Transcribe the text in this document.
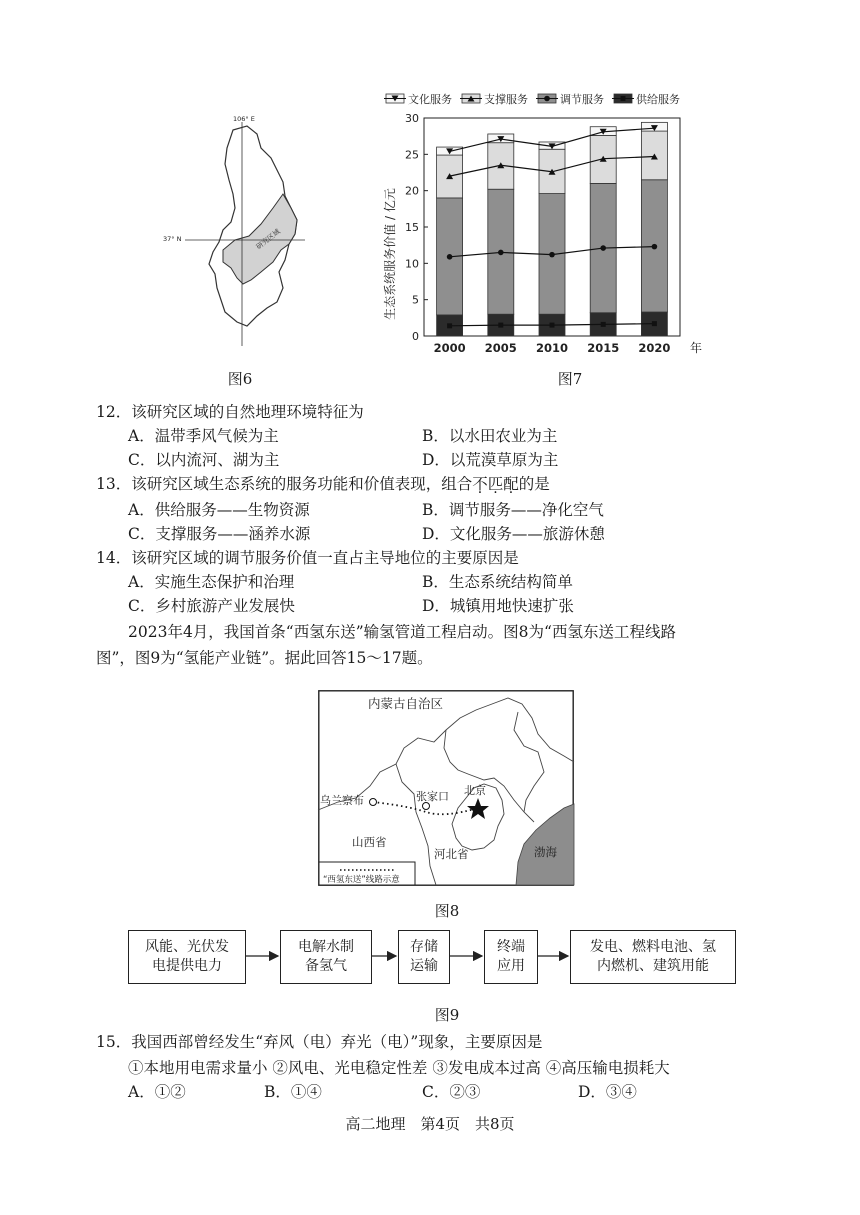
106° E
37° N	研究区域
图6
文化服务	支撑服务	调节服务	供给服务
生态系统服务价值 / 亿元
0
5
10
15
20
25
30
2000 2005 2010 2015 2020 年
图7
12．该研究区域的自然地理环境特征为
A．温带季风气候为主	B．以水田农业为主
C．以内流河、湖为主	D．以荒漠草原为主
13．该研究区域生态系统的服务功能和价值表现，组合不匹配的是
A．供给服务——生物资源	B．调节服务——净化空气
C．支撑服务——涵养水源	D．文化服务——旅游休憩
14．该研究区域的调节服务价值一直占主导地位的主要原因是
A．实施生态保护和治理	B．生态系统结构简单
C．乡村旅游产业发展快	D．城镇用地快速扩张
2023年4月，我国首条“西氢东送”输氢管道工程启动。图8为“西氢东送工程线路
图”，图9为“氢能产业链”。据此回答15～17题。
内蒙古自治区
乌兰察布	张家口 北京
山西省
河北省	渤海
“西氢东送”线路示意
图8
风能、光伏发
电提供电力
电解水制
备氢气
存储
运输
终端
应用
发电、燃料电池、氢
内燃机、建筑用能
图9
15．我国西部曾经发生“弃风（电）弃光（电）”现象，主要原因是
①本地用电需求量小 ②风电、光电稳定性差 ③发电成本过高 ④高压输电损耗大
A．①②	B．①④	C．②③	D．③④
高二地理　第4页　共8页
